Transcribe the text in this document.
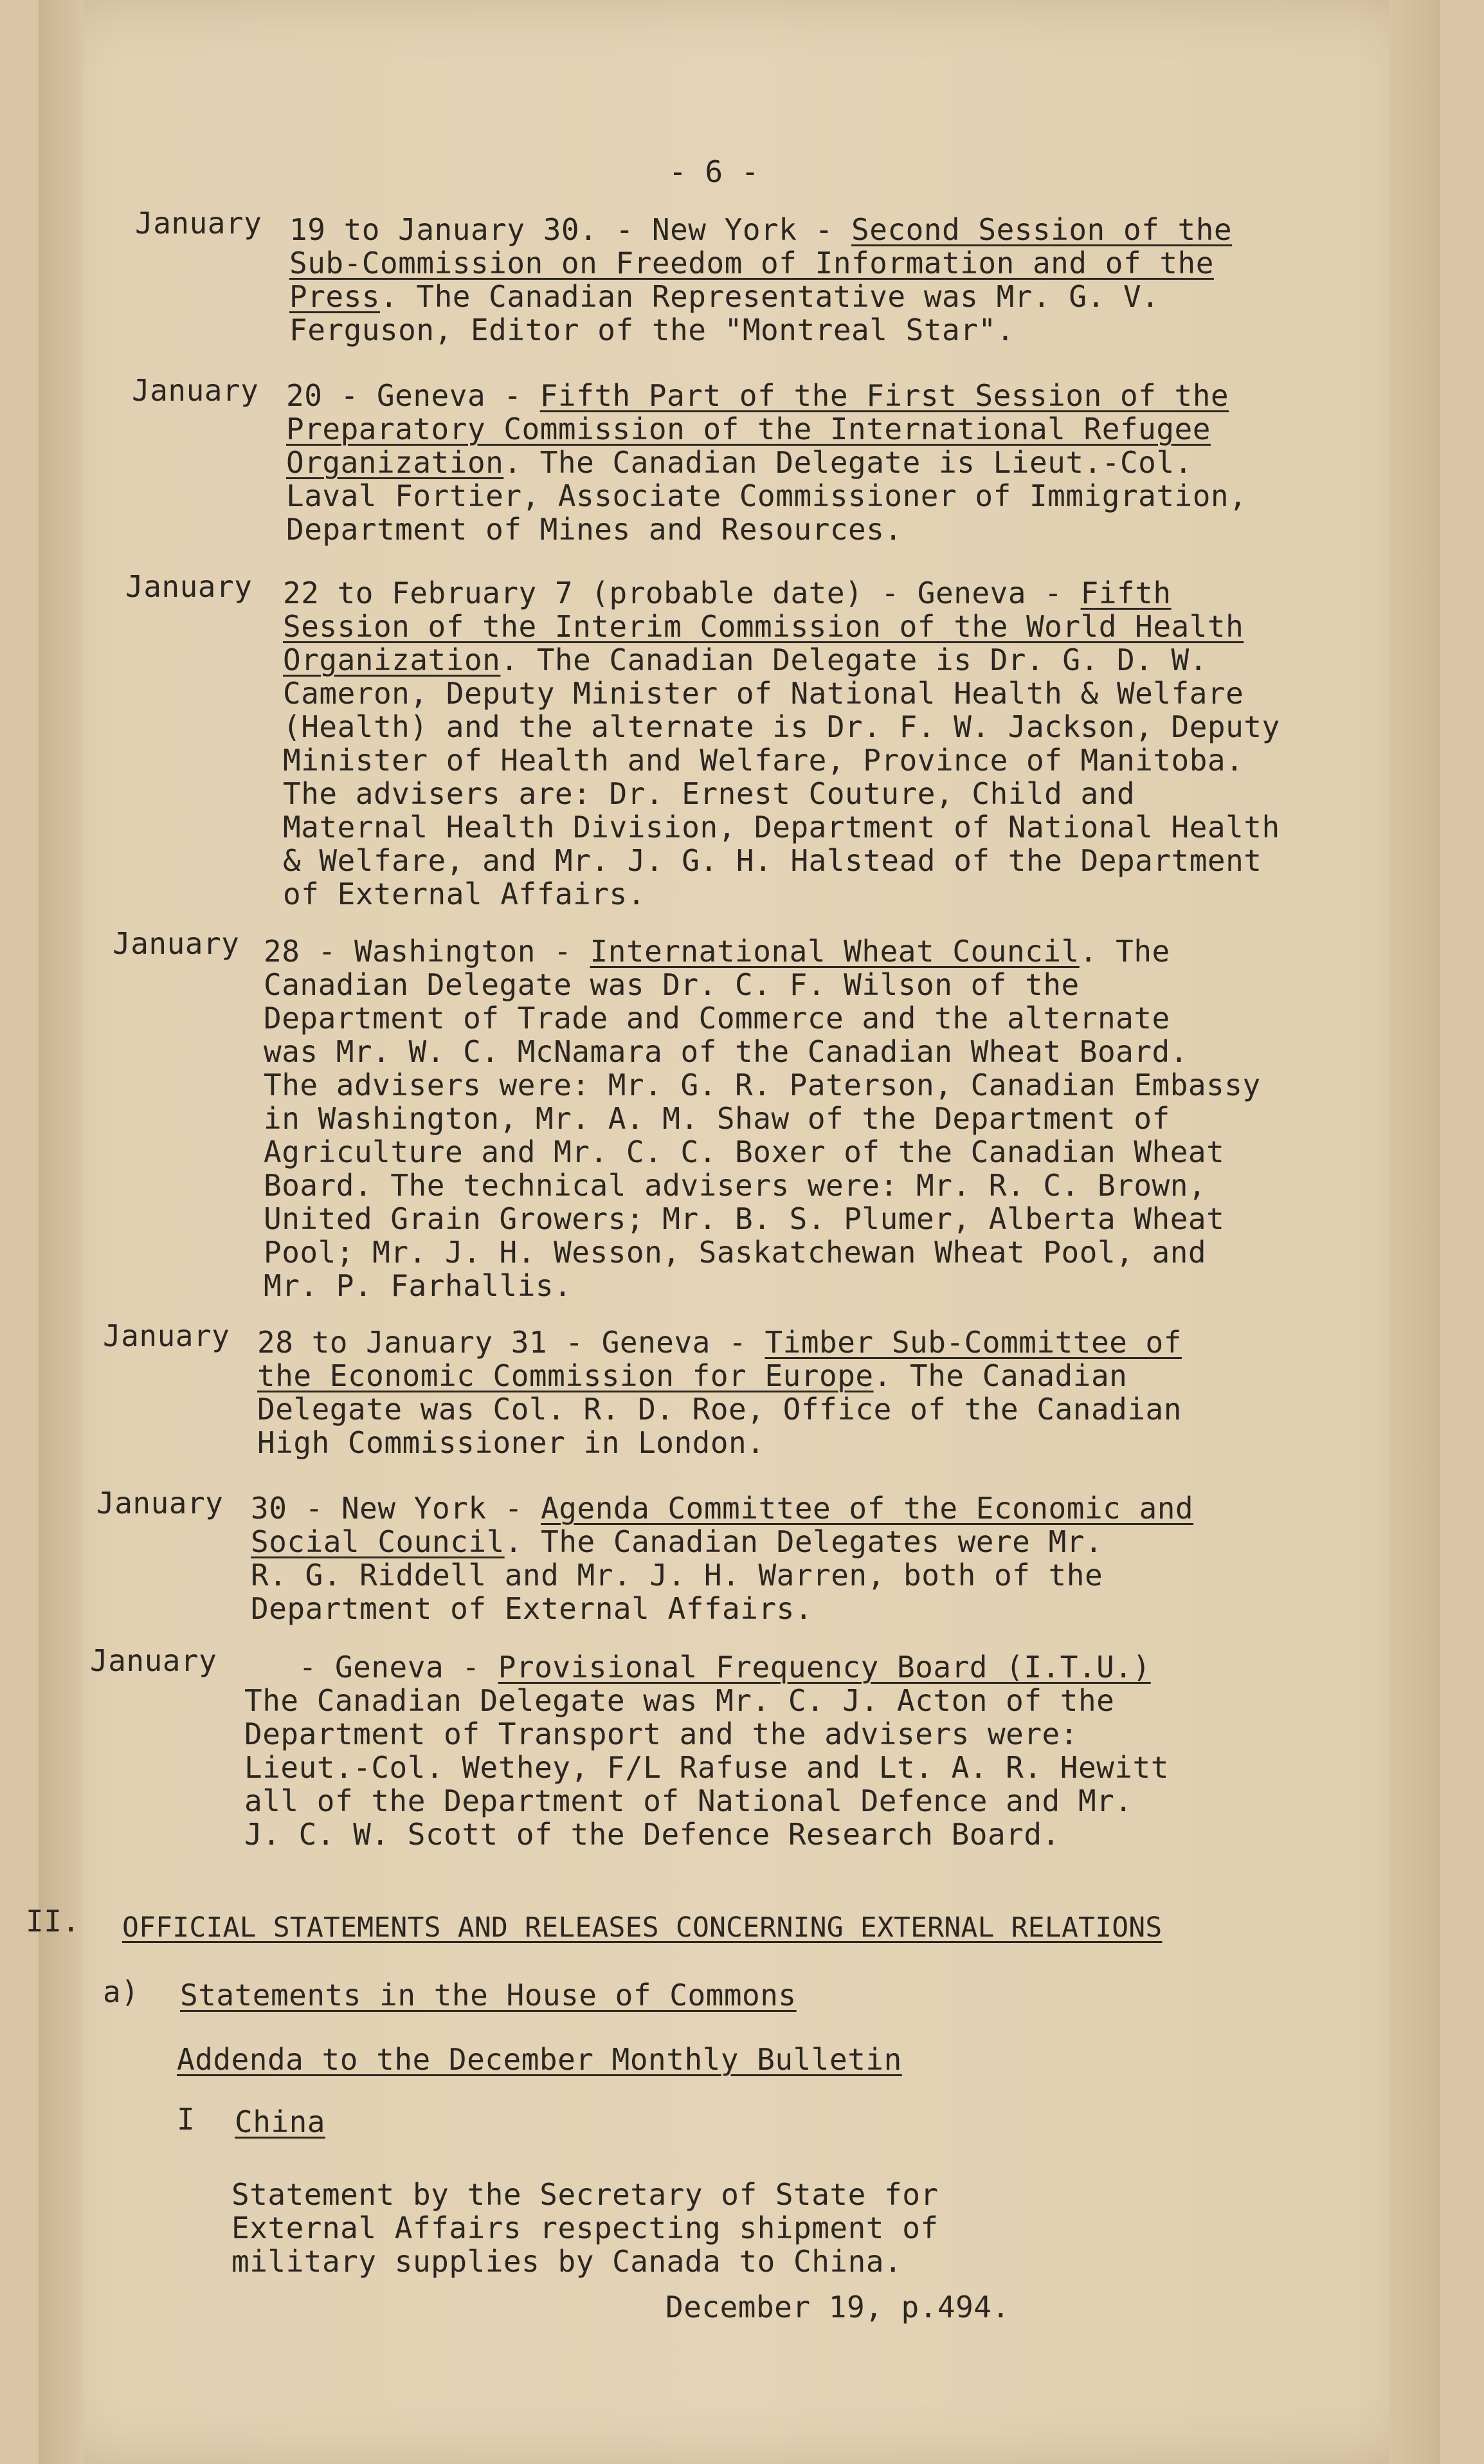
- 6 -
January 19 to January 30. - New York - Second Session of the
Sub-Commission on Freedom of Information and of the
Press. The Canadian Representative was Mr. G. V.
Ferguson, Editor of the "Montreal Star".
January 20 - Geneva - Fifth Part of the First Session of the
Preparatory Commission of the International Refugee
Organization. The Canadian Delegate is Lieut.-Col.
Laval Fortier, Associate Commissioner of Immigration,
Department of Mines and Resources.
January 22 to February 7 (probable date) - Geneva - Fifth
Session of the Interim Commission of the World Health
Organization. The Canadian Delegate is Dr. G. D. W.
Cameron, Deputy Minister of National Health & Welfare
(Health) and the alternate is Dr. F. W. Jackson, Deputy
Minister of Health and Welfare, Province of Manitoba.
The advisers are: Dr. Ernest Couture, Child and
Maternal Health Division, Department of National Health
& Welfare, and Mr. J. G. H. Halstead of the Department
of External Affairs.
January 28 - Washington - International Wheat Council. The
Canadian Delegate was Dr. C. F. Wilson of the
Department of Trade and Commerce and the alternate
was Mr. W. C. McNamara of the Canadian Wheat Board.
The advisers were: Mr. G. R. Paterson, Canadian Embassy
in Washington, Mr. A. M. Shaw of the Department of
Agriculture and Mr. C. C. Boxer of the Canadian Wheat
Board. The technical advisers were: Mr. R. C. Brown,
United Grain Growers; Mr. B. S. Plumer, Alberta Wheat
Pool; Mr. J. H. Wesson, Saskatchewan Wheat Pool, and
Mr. P. Farhallis.
January 28 to January 31 - Geneva - Timber Sub-Committee of
the Economic Commission for Europe. The Canadian
Delegate was Col. R. D. Roe, Office of the Canadian
High Commissioner in London.
January 30 - New York - Agenda Committee of the Economic and
Social Council. The Canadian Delegates were Mr.
R. G. Riddell and Mr. J. H. Warren, both of the
Department of External Affairs.
January - Geneva - Provisional Frequency Board (I.T.U.)
The Canadian Delegate was Mr. C. J. Acton of the
Department of Transport and the advisers were:
Lieut.-Col. Wethey, F/L Rafuse and Lt. A. R. Hewitt
all of the Department of National Defence and Mr.
J. C. W. Scott of the Defence Research Board.
II. OFFICIAL STATEMENTS AND RELEASES CONCERNING EXTERNAL RELATIONS
a) Statements in the House of Commons
Addenda to the December Monthly Bulletin
I China
Statement by the Secretary of State for
External Affairs respecting shipment of
military supplies by Canada to China.
December 19, p.494.
